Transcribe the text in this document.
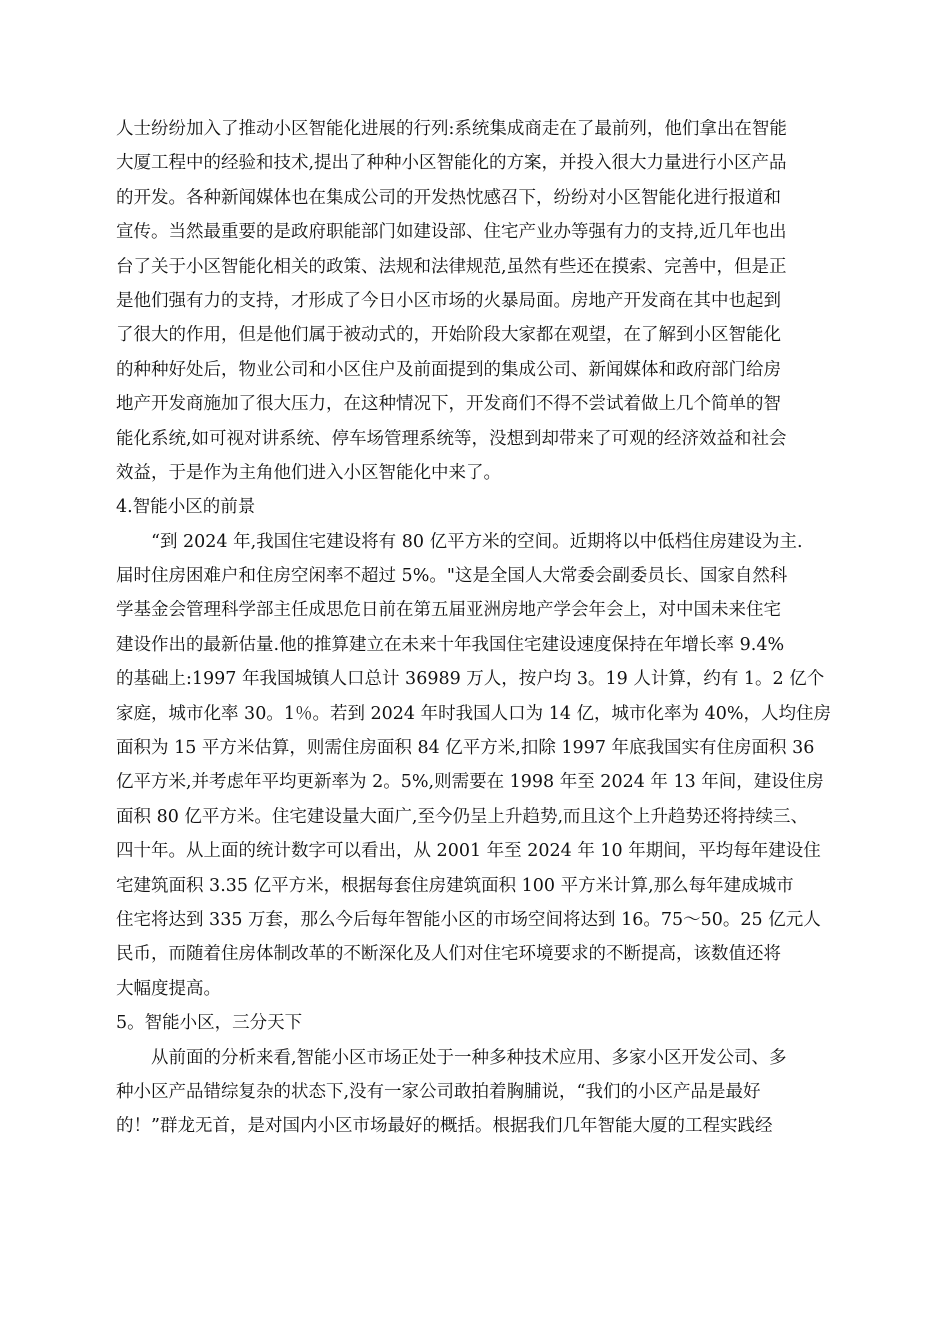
人士纷纷加入了推动小区智能化进展的行列:系统集成商走在了最前列，他们拿出在智能
大厦工程中的经验和技术,提出了种种小区智能化的方案，并投入很大力量进行小区产品
的开发。各种新闻媒体也在集成公司的开发热忱感召下，纷纷对小区智能化进行报道和
宣传。当然最重要的是政府职能部门如建设部、住宅产业办等强有力的支持,近几年也出
台了关于小区智能化相关的政策、法规和法律规范,虽然有些还在摸索、完善中，但是正
是他们强有力的支持，才形成了今日小区市场的火暴局面。房地产开发商在其中也起到
了很大的作用，但是他们属于被动式的，开始阶段大家都在观望，在了解到小区智能化
的种种好处后，物业公司和小区住户及前面提到的集成公司、新闻媒体和政府部门给房
地产开发商施加了很大压力，在这种情况下，开发商们不得不尝试着做上几个简单的智
能化系统,如可视对讲系统、停车场管理系统等，没想到却带来了可观的经济效益和社会
效益，于是作为主角他们进入小区智能化中来了。
4.智能小区的前景
“到 2024 年,我国住宅建设将有 80 亿平方米的空间。近期将以中低档住房建设为主.
届时住房困难户和住房空闲率不超过 5%。"这是全国人大常委会副委员长、国家自然科
学基金会管理科学部主任成思危日前在第五届亚洲房地产学会年会上，对中国未来住宅
建设作出的最新估量.他的推算建立在未来十年我国住宅建设速度保持在年增长率 9.4%
的基础上:1997 年我国城镇人口总计 36989 万人，按户均 3。19 人计算，约有 1。2 亿个
家庭，城市化率 30。1％。若到 2024 年时我国人口为 14 亿，城市化率为 40%，人均住房
面积为 15 平方米估算，则需住房面积 84 亿平方米,扣除 1997 年底我国实有住房面积 36
亿平方米,并考虑年平均更新率为 2。5%,则需要在 1998 年至 2024 年 13 年间，建设住房
面积 80 亿平方米。住宅建设量大面广,至今仍呈上升趋势,而且这个上升趋势还将持续三、
四十年。从上面的统计数字可以看出，从 2001 年至 2024 年 10 年期间，平均每年建设住
宅建筑面积 3.35 亿平方米，根据每套住房建筑面积 100 平方米计算,那么每年建成城市
住宅将达到 335 万套，那么今后每年智能小区的市场空间将达到 16。75～50。25 亿元人
民币，而随着住房体制改革的不断深化及人们对住宅环境要求的不断提高，该数值还将
大幅度提高。
5。智能小区，三分天下
从前面的分析来看,智能小区市场正处于一种多种技术应用、多家小区开发公司、多
种小区产品错综复杂的状态下,没有一家公司敢拍着胸脯说，“我们的小区产品是最好
的！”群龙无首，是对国内小区市场最好的概括。根据我们几年智能大厦的工程实践经
